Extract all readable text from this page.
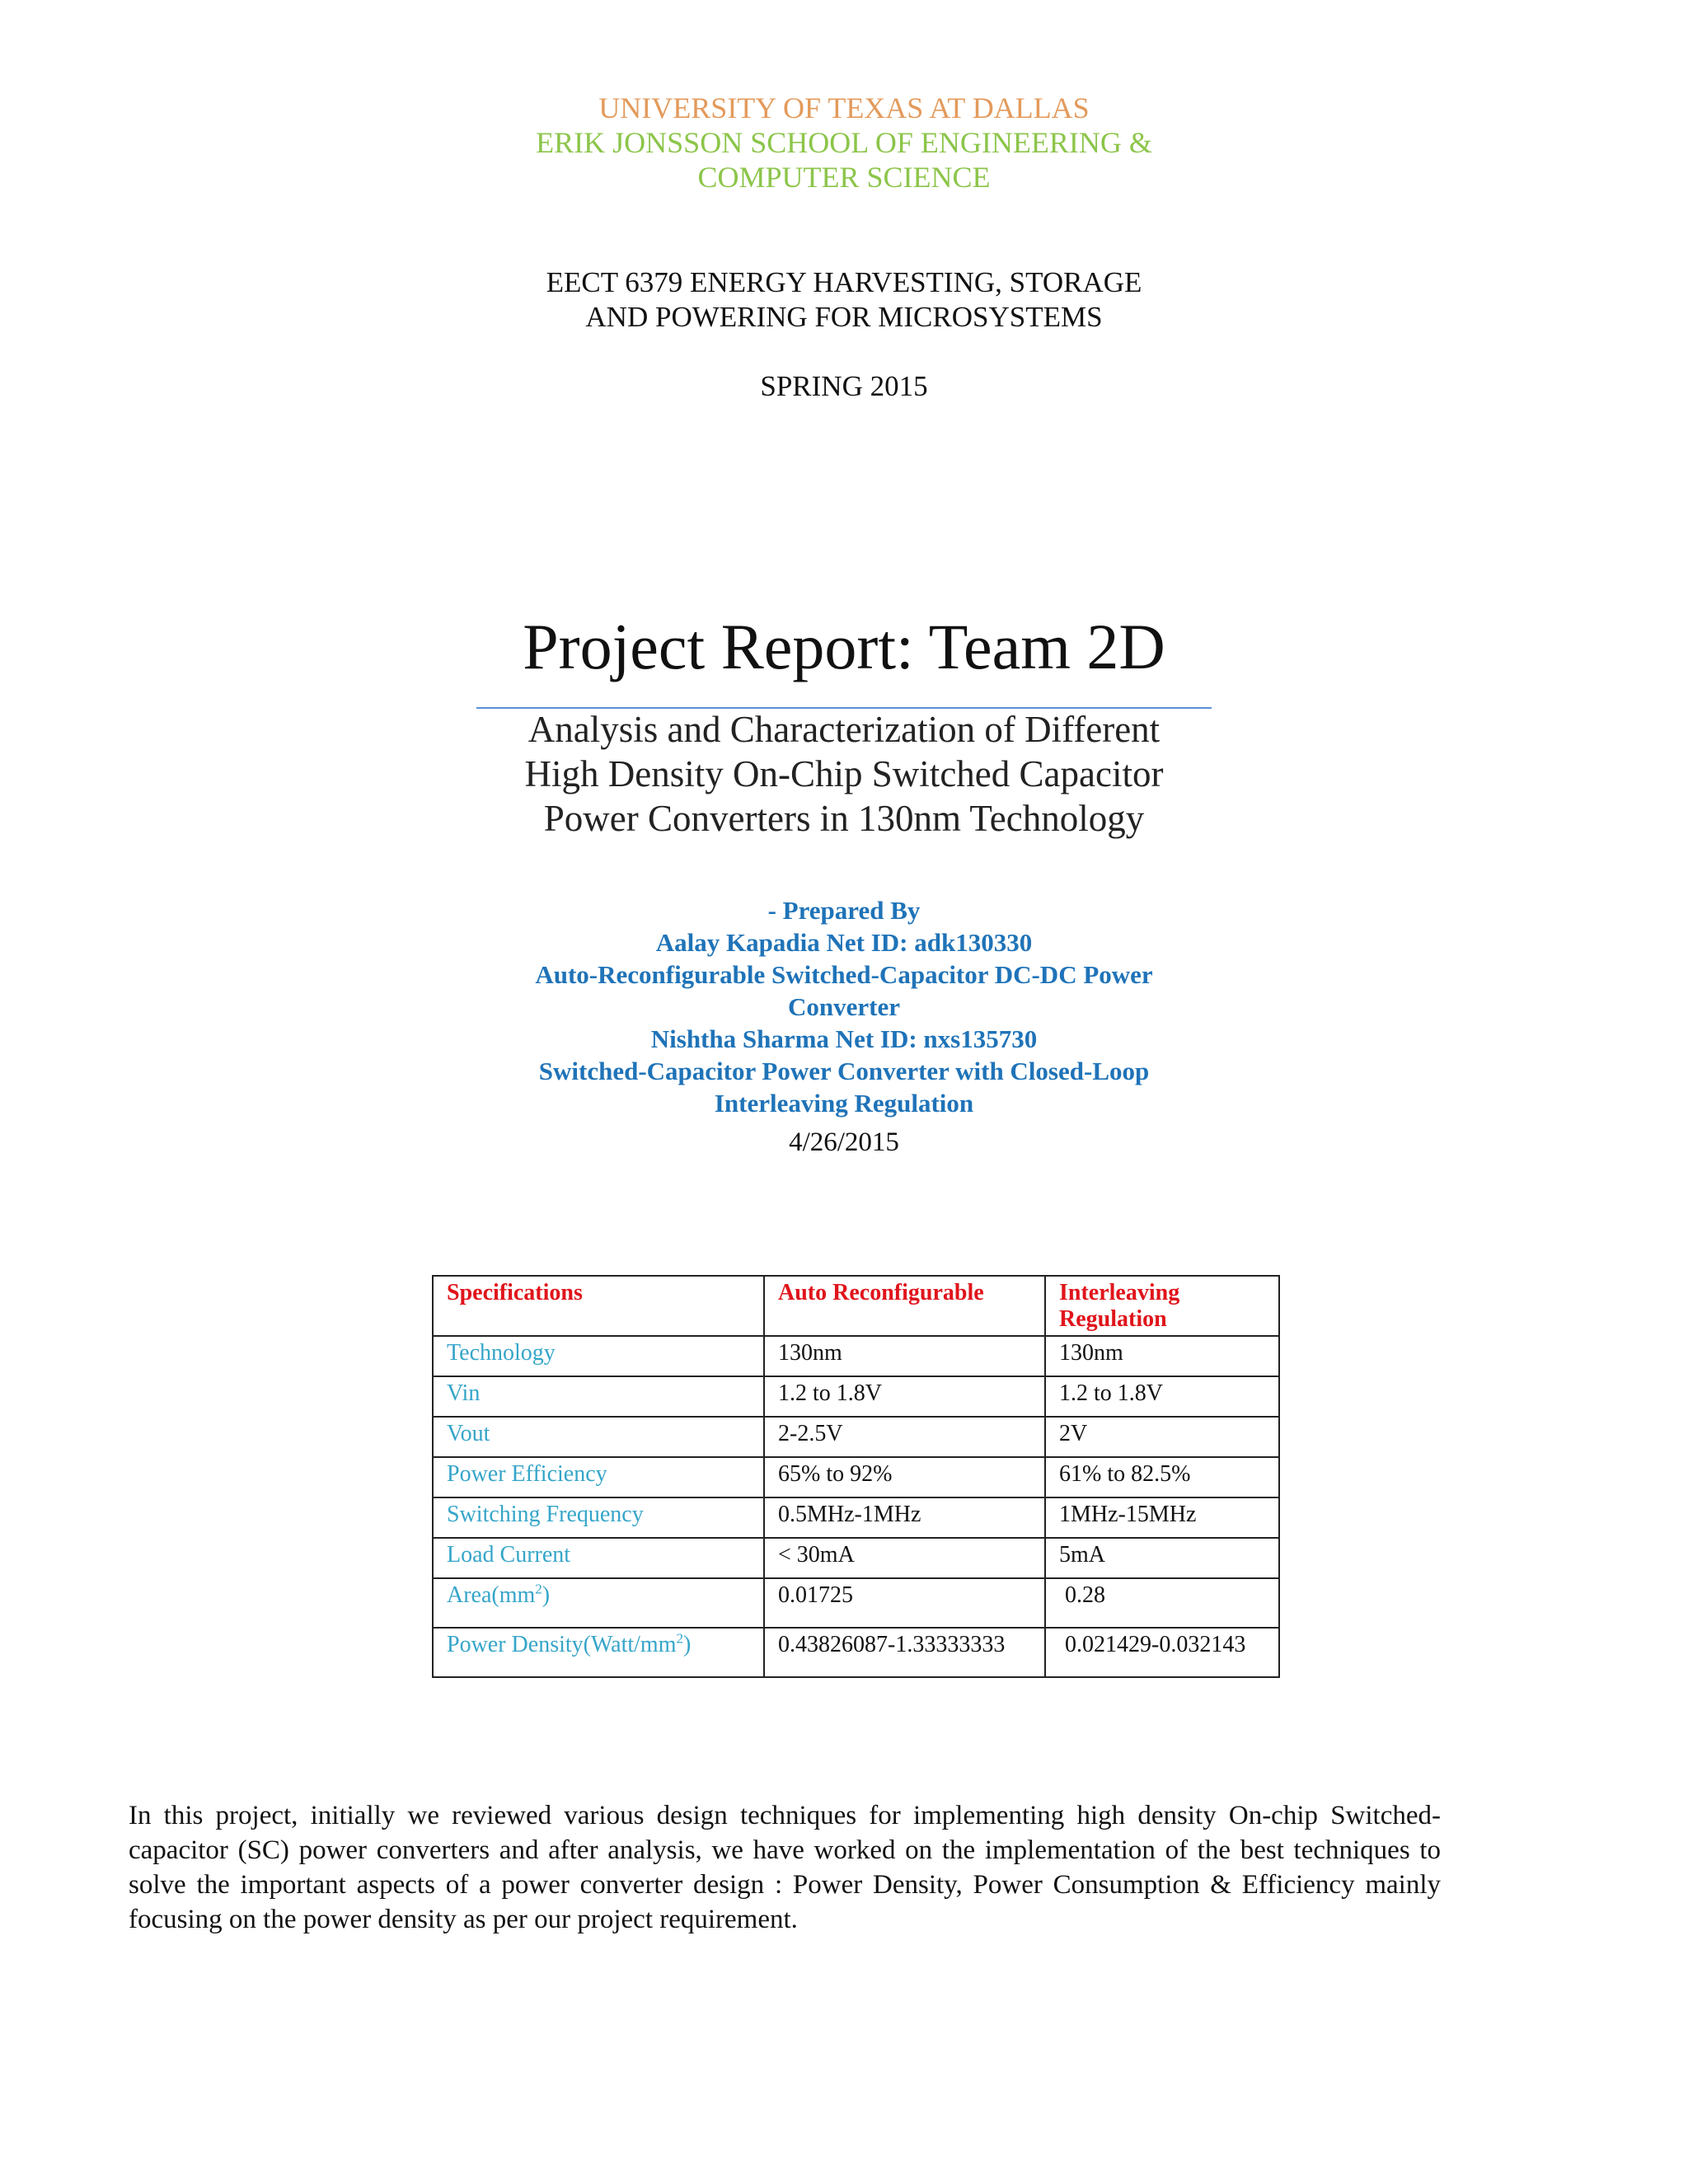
UNIVERSITY OF TEXAS AT DALLAS
ERIK JONSSON SCHOOL OF ENGINEERING &
COMPUTER SCIENCE
EECT 6379 ENERGY HARVESTING, STORAGE
AND POWERING FOR MICROSYSTEMS
SPRING 2015
Project Report: Team 2D
Analysis and Characterization of Different
High Density On-Chip Switched Capacitor
Power Converters in 130nm Technology
- Prepared By
Aalay Kapadia Net ID: adk130330
Auto-Reconfigurable Switched-Capacitor DC-DC Power
Converter
Nishtha Sharma Net ID: nxs135730
Switched-Capacitor Power Converter with Closed-Loop
Interleaving Regulation
4/26/2015
Specifications	Auto Reconfigurable	Interleaving Regulation
Technology	130nm	130nm
Vin	1.2 to 1.8V	1.2 to 1.8V
Vout	2-2.5V	2V
Power Efficiency	65% to 92%	61% to 82.5%
Switching Frequency	0.5MHz-1MHz	1MHz-15MHz
Load Current	< 30mA	5mA
$Area(mm^2)$	0.01725	0.28
Power $Density(Watt/mm^2)$	0.43826087-1.33333333	0.021429-0.032143
In this project, initially we reviewed various design techniques for implementing high density On-chip Switched-capacitor (SC) power converters and after analysis, we have worked on the implementation of the best techniques to solve the important aspects of a power converter design : Power Density, Power Consumption & Efficiency mainly focusing on the power density as per our project requirement.
